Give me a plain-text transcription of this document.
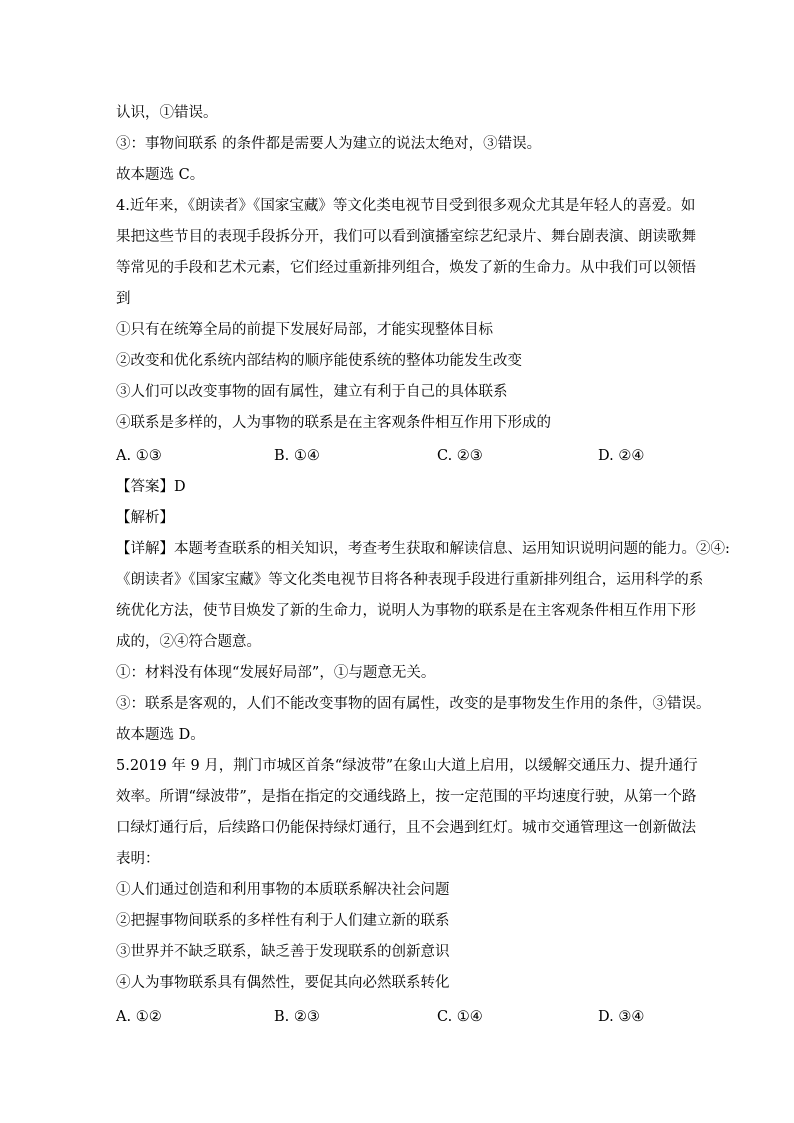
认识，①错误。
③：事物间联系 的条件都是需要人为建立的说法太绝对，③错误。
故本题选 C。
4.近年来，《朗读者》《国家宝藏》等文化类电视节目受到很多观众尤其是年轻人的喜爱。如
果把这些节目的表现手段拆分开，我们可以看到演播室综艺纪录片、舞台剧表演、朗读歌舞
等常见的手段和艺术元素，它们经过重新排列组合，焕发了新的生命力。从中我们可以领悟
到
①只有在统筹全局的前提下发展好局部，才能实现整体目标
②改变和优化系统内部结构的顺序能使系统的整体功能发生改变
③人们可以改变事物的固有属性，建立有利于自己的具体联系
④联系是多样的，人为事物的联系是在主客观条件相互作用下形成的
A. ①③	B. ①④	C. ②③	D. ②④
【答案】D
【解析】
【详解】本题考查联系的相关知识，考查考生获取和解读信息、运用知识说明问题的能力。②④:
《朗读者》《国家宝藏》等文化类电视节目将各种表现手段进行重新排列组合，运用科学的系
统优化方法，使节目焕发了新的生命力，说明人为事物的联系是在主客观条件相互作用下形
成的，②④符合题意。
①：材料没有体现“发展好局部”，①与题意无关。
③：联系是客观的，人们不能改变事物的固有属性，改变的是事物发生作用的条件，③错误。
故本题选 D。
5.2019 年 9 月，荆门市城区首条“绿波带”在象山大道上启用，以缓解交通压力、提升通行
效率。所谓“绿波带”，是指在指定的交通线路上，按一定范围的平均速度行驶，从第一个路
口绿灯通行后，后续路口仍能保持绿灯通行，且不会遇到红灯。城市交通管理这一创新做法
表明：
①人们通过创造和利用事物的本质联系解决社会问题
②把握事物间联系的多样性有利于人们建立新的联系
③世界并不缺乏联系，缺乏善于发现联系的创新意识
④人为事物联系具有偶然性，要促其向必然联系转化
A. ①②	B. ②③	C. ①④	D. ③④
